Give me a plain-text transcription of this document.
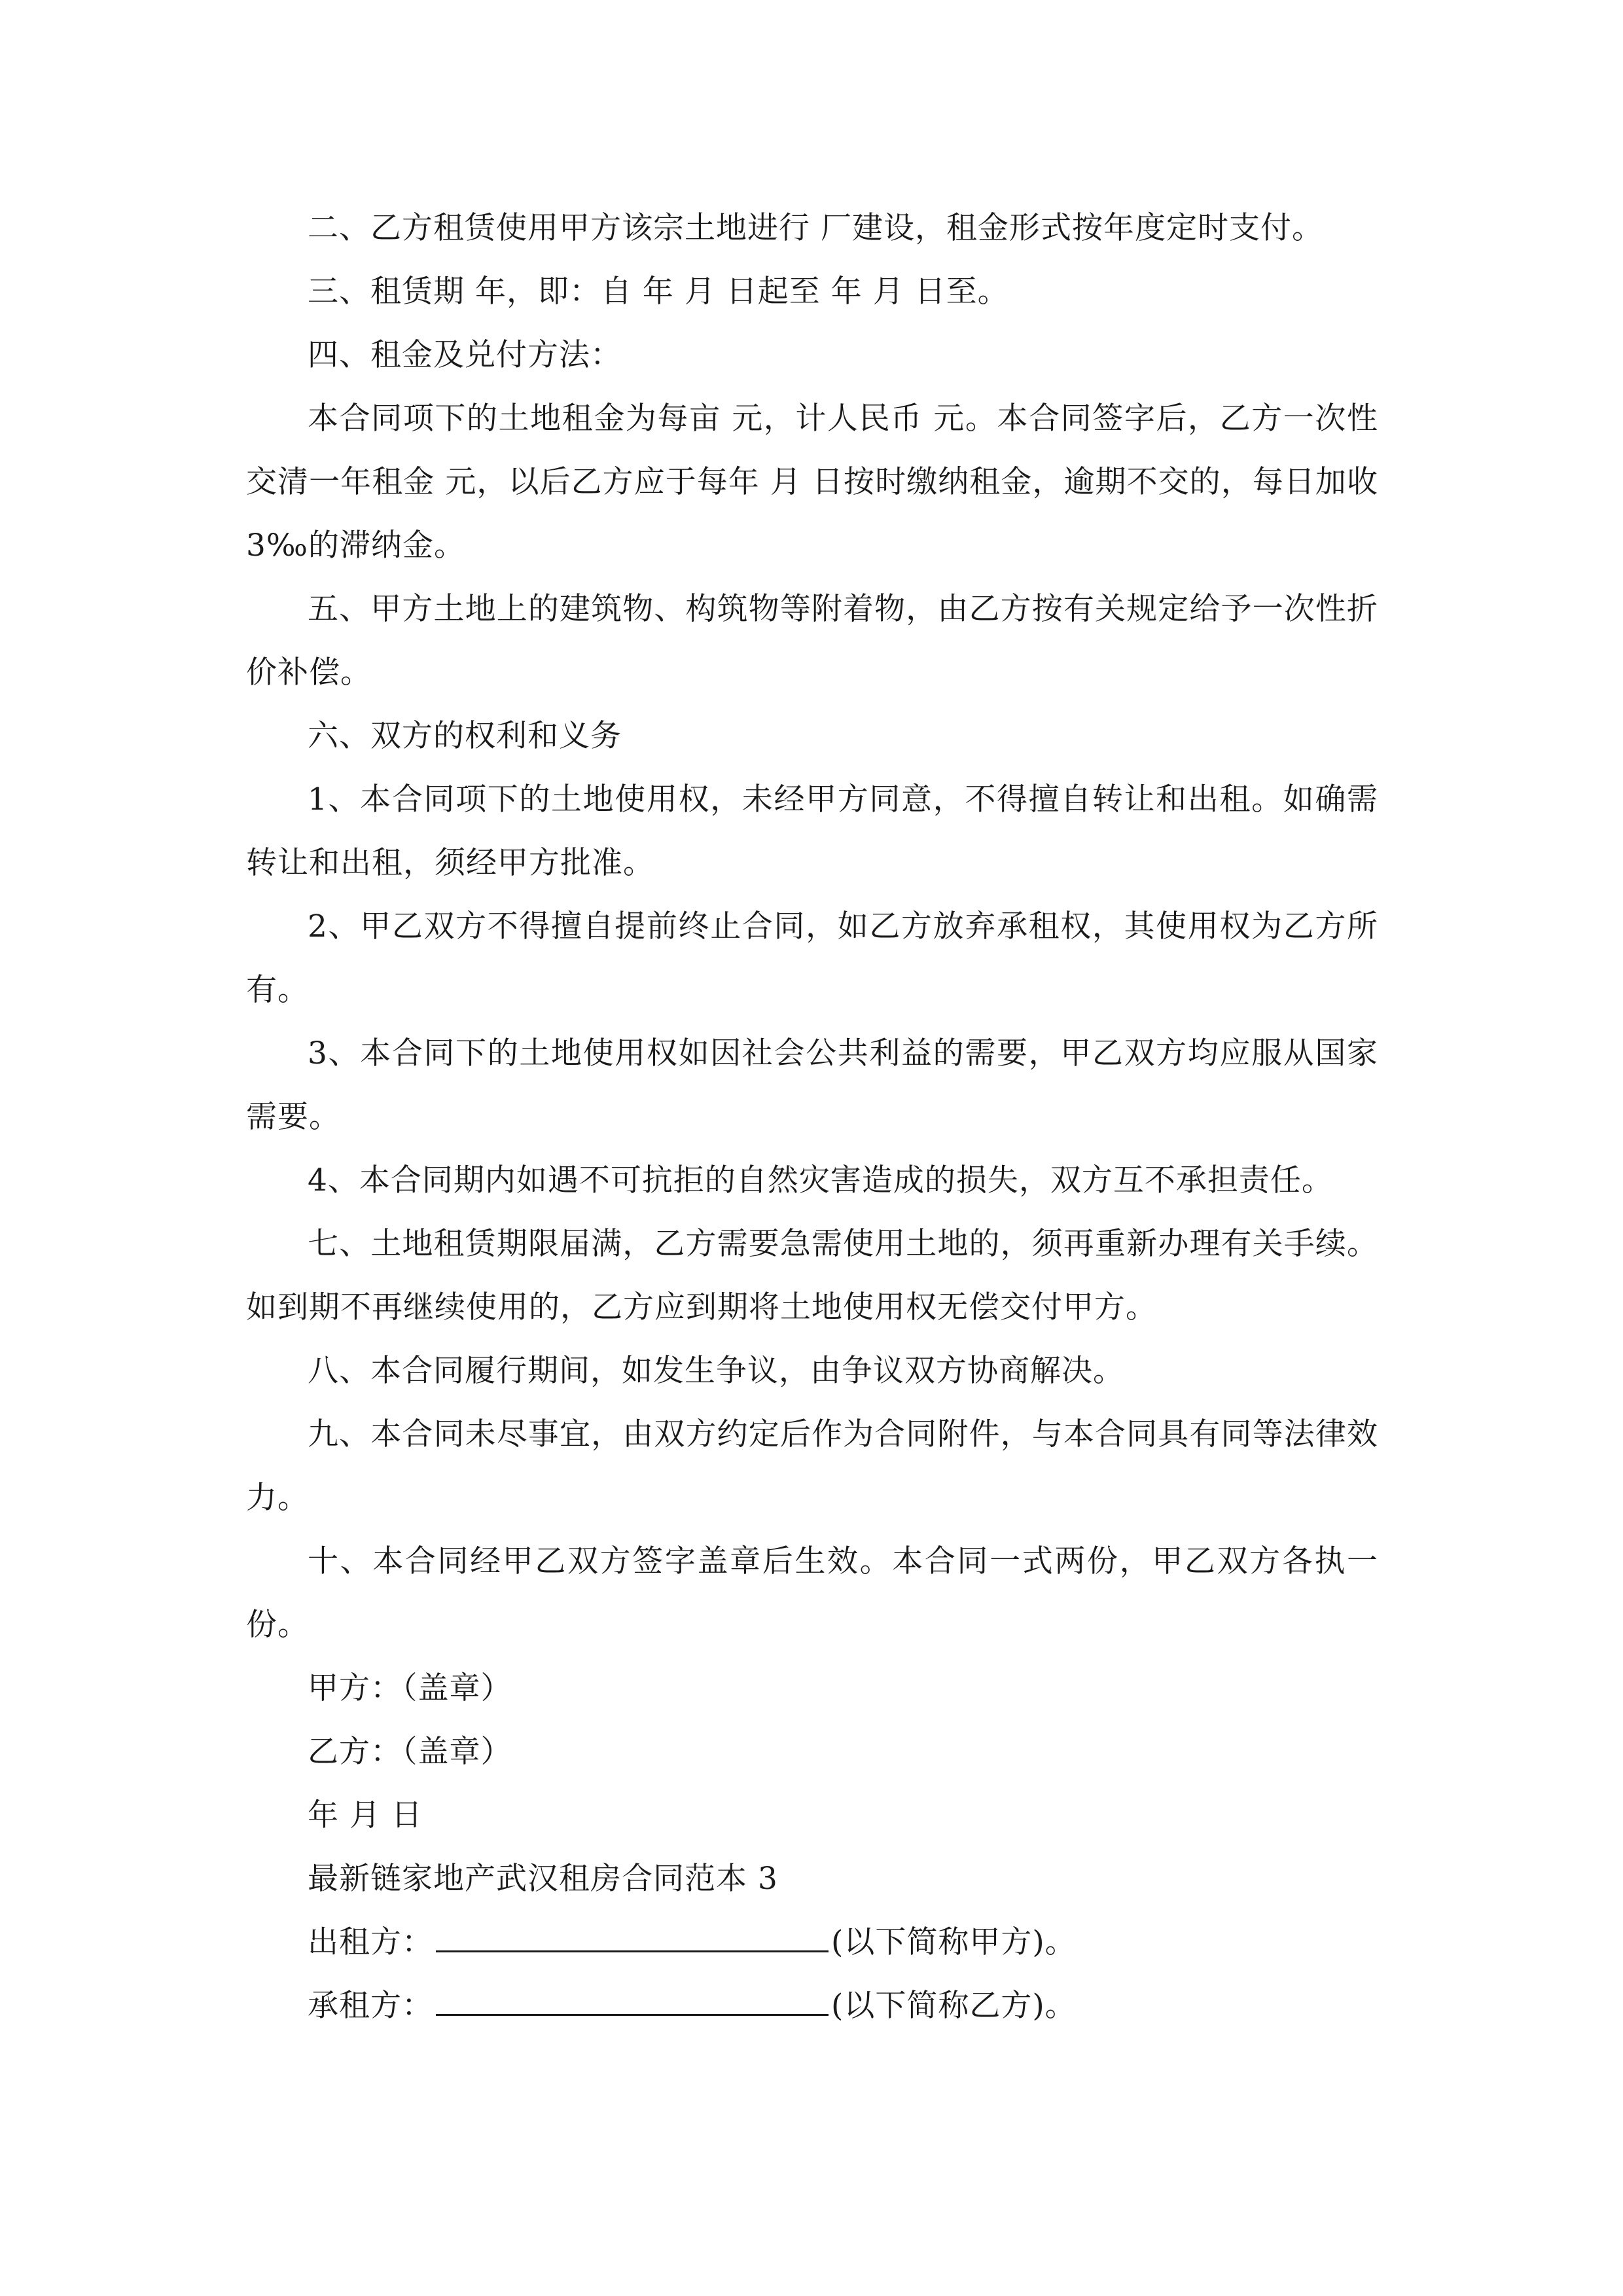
二、乙方租赁使用甲方该宗土地进行 厂建设，租金形式按年度定时支付。

三、租赁期 年，即：自 年 月 日起至 年 月 日至。

四、租金及兑付方法：

本合同项下的土地租金为每亩 元，计人民币 元。本合同签字后，乙方一次性交清一年租金 元，以后乙方应于每年 月 日按时缴纳租金，逾期不交的，每日加收 3‰的滞纳金。

五、甲方土地上的建筑物、构筑物等附着物，由乙方按有关规定给予一次性折价补偿。

六、双方的权利和义务

1、本合同项下的土地使用权，未经甲方同意，不得擅自转让和出租。如确需转让和出租，须经甲方批准。

2、甲乙双方不得擅自提前终止合同，如乙方放弃承租权，其使用权为乙方所有。

3、本合同下的土地使用权如因社会公共利益的需要，甲乙双方均应服从国家需要。

4、本合同期内如遇不可抗拒的自然灾害造成的损失，双方互不承担责任。

七、土地租赁期限届满，乙方需要急需使用土地的，须再重新办理有关手续。如到期不再继续使用的，乙方应到期将土地使用权无偿交付甲方。

八、本合同履行期间，如发生争议，由争议双方协商解决。

九、本合同未尽事宜，由双方约定后作为合同附件，与本合同具有同等法律效力。

十、本合同经甲乙双方签字盖章后生效。本合同一式两份，甲乙双方各执一份。

甲方：（盖章）

乙方：（盖章）

年 月 日

最新链家地产武汉租房合同范本 3

出租方：	(以下简称甲方)。
承租方：	(以下简称乙方)。
